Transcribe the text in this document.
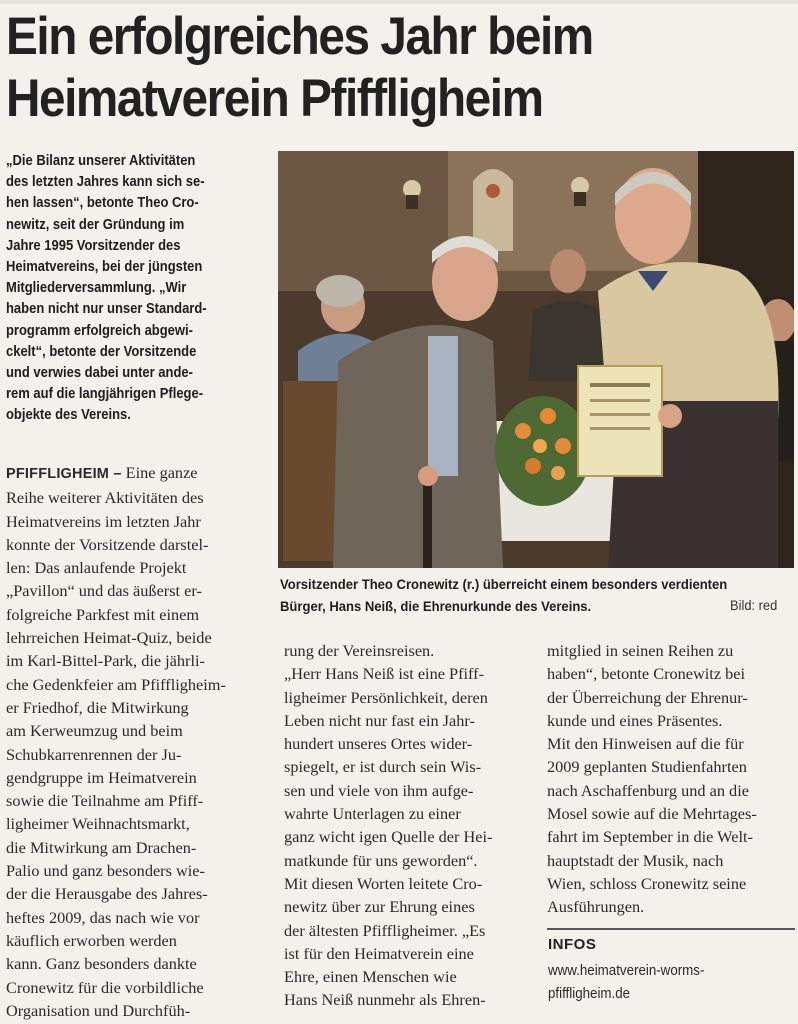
Ein erfolgreiches Jahr beim Heimatverein Pfiffligheim

„Die Bilanz unserer Aktivitäten
des letzten Jahres kann sich se-
hen lassen“, betonte Theo Cro-
newitz, seit der Gründung im
Jahre 1995 Vorsitzender des
Heimatvereins, bei der jüngsten
Mitgliederversammlung. „Wir
haben nicht nur unser Standard-
programm erfolgreich abgewi-
ckelt“, betonte der Vorsitzende
und verwies dabei unter ande-
rem auf die langjährigen Pflege-
objekte des Vereins.

PFIFFLIGHEIM – Eine ganze
Reihe weiterer Aktivitäten des
Heimatvereins im letzten Jahr
konnte der Vorsitzende darstel-
len: Das anlaufende Projekt
„Pavillon“ und das äußerst er-
folgreiche Parkfest mit einem
lehrreichen Heimat-Quiz, beide
im Karl-Bittel-Park, die jährli-
che Gedenkfeier am Pfiffligheim-
er Friedhof, die Mitwirkung
am Kerweumzug und beim
Schubkarrenrennen der Ju-
gendgruppe im Heimatverein
sowie die Teilnahme am Pfiff-
ligheimer Weihnachtsmarkt,
die Mitwirkung am Drachen-
Palio und ganz besonders wie-
der die Herausgabe des Jahres-
heftes 2009, das nach wie vor
käuflich erworben werden
kann. Ganz besonders dankte
Cronewitz für die vorbildliche
Organisation und Durchfüh-

Vorsitzender Theo Cronewitz (r.) überreicht einem besonders verdienten Bürger, Hans Neiß, die Ehrenurkunde des Vereins.	Bild: red

rung der Vereinsreisen.
„Herr Hans Neiß ist eine Pfiff-
ligheimer Persönlichkeit, deren
Leben nicht nur fast ein Jahr-
hundert unseres Ortes wider-
spiegelt, er ist durch sein Wis-
sen und viele von ihm aufge-
wahrte Unterlagen zu einer
ganz wicht igen Quelle der Hei-
matkunde für uns geworden“.
Mit diesen Worten leitete Cro-
newitz über zur Ehrung eines
der ältesten Pfiffligheimer. „Es
ist für den Heimatverein eine
Ehre, einen Menschen wie
Hans Neiß nunmehr als Ehren-

mitglied in seinen Reihen zu
haben“, betonte Cronewitz bei
der Überreichung der Ehrenur-
kunde und eines Präsentes.
Mit den Hinweisen auf die für
2009 geplanten Studienfahrten
nach Aschaffenburg und an die
Mosel sowie auf die Mehrtages-
fahrt im September in die Welt-
hauptstadt der Musik, nach
Wien, schloss Cronewitz seine
Ausführungen.

INFOS
www.heimatverein-worms-
pfiffligheim.de
